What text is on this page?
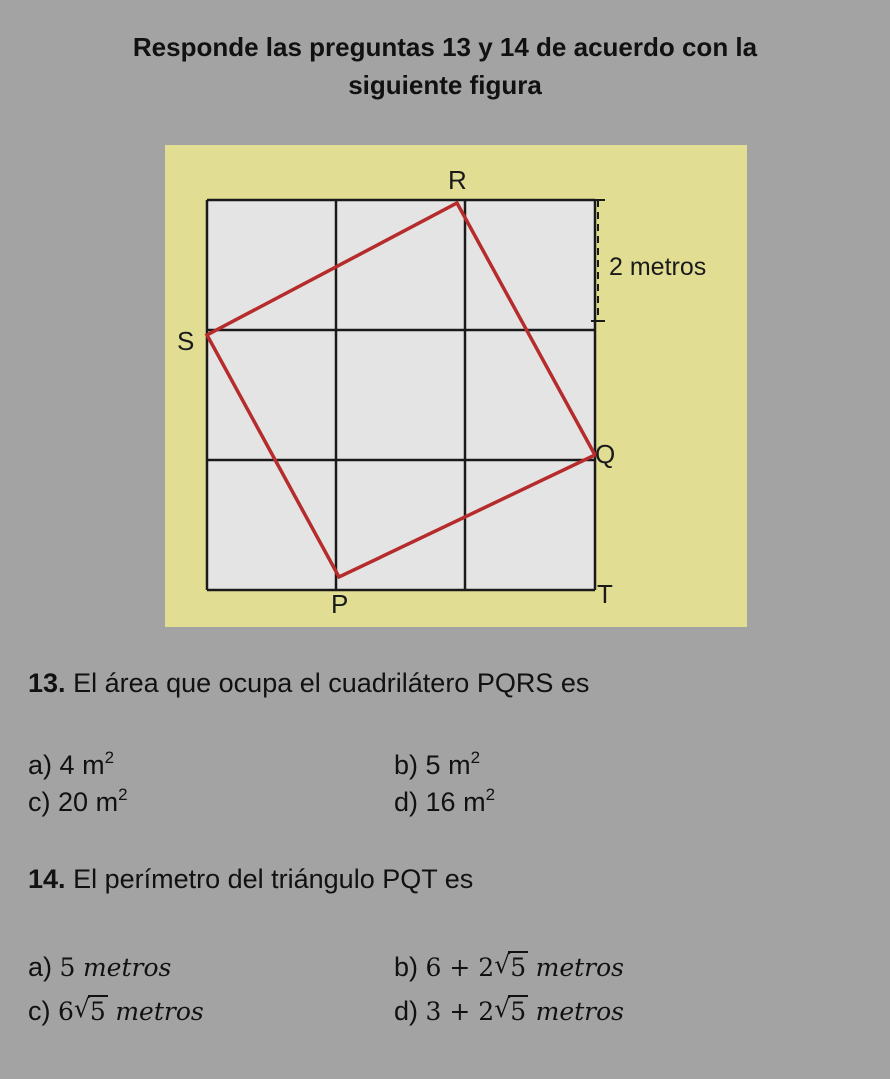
Responde las preguntas 13 y 14 de acuerdo con la
siguiente figura
R
S
Q
P	T
2 metros
13. El área que ocupa el cuadrilátero PQRS es
a) 4 $m^2$	b) 5 $m^2$
c) 20 $m^2$	d) 16 $m^2$
14. El perímetro del triángulo PQT es
a) 5 metros	b) 6 + 2 √ 5 metros
c) 6 √ 5 metros	d) 3 + 2 √ 5 metros
